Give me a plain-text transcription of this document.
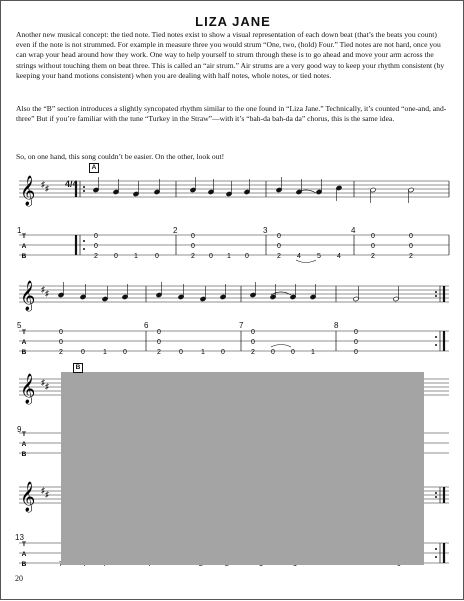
LIZA JANE
Another new musical concept: the tied note. Tied notes exist to show a visual representation of each down beat (that’s the beats you count) even if the note is not strummed. For example in measure three you would strum “One, two, (hold) Four.” Tied notes are not hard, once you can wrap your head around how they work. One way to help yourself to strum through these is to go ahead and move your arm across the strings without touching them on beat three. This is called an “air strum.” Air strums are a very good way to keep your rhythm consistent (by keeping your hand motions consistent) when you are dealing with half notes, whole notes, or tied notes.
Also the “B” section introduces a slightly syncopated rhythm similar to the one found in “Liza Jane.” Technically, it’s counted “one-and, and-three” But if you’re familiar with the tune “Turkey in the Straw”—with it’s “bah-da bah-da da” chorus, this is the same idea.
So, on one hand, this song couldn’t be easier. On the other, look out!
𝄞 ♯ ♯
𝄞 ♯ ♯
𝄞 ♯ ♯
𝄞 ♯ ♯
A
4/4
T
A
B
T
A
B
T
A
B
T
A
B
0
0
2 0 1 0
0
0
2 0 1 0
0
0
2 4 5 4
0
0
2
0
0
2
0
0
2	0	1 0
0
0
2	0	1 0
0
0
2 0 0 1
0
0
0
1	2	3	4
5	6	7	8
9
13
B
20
